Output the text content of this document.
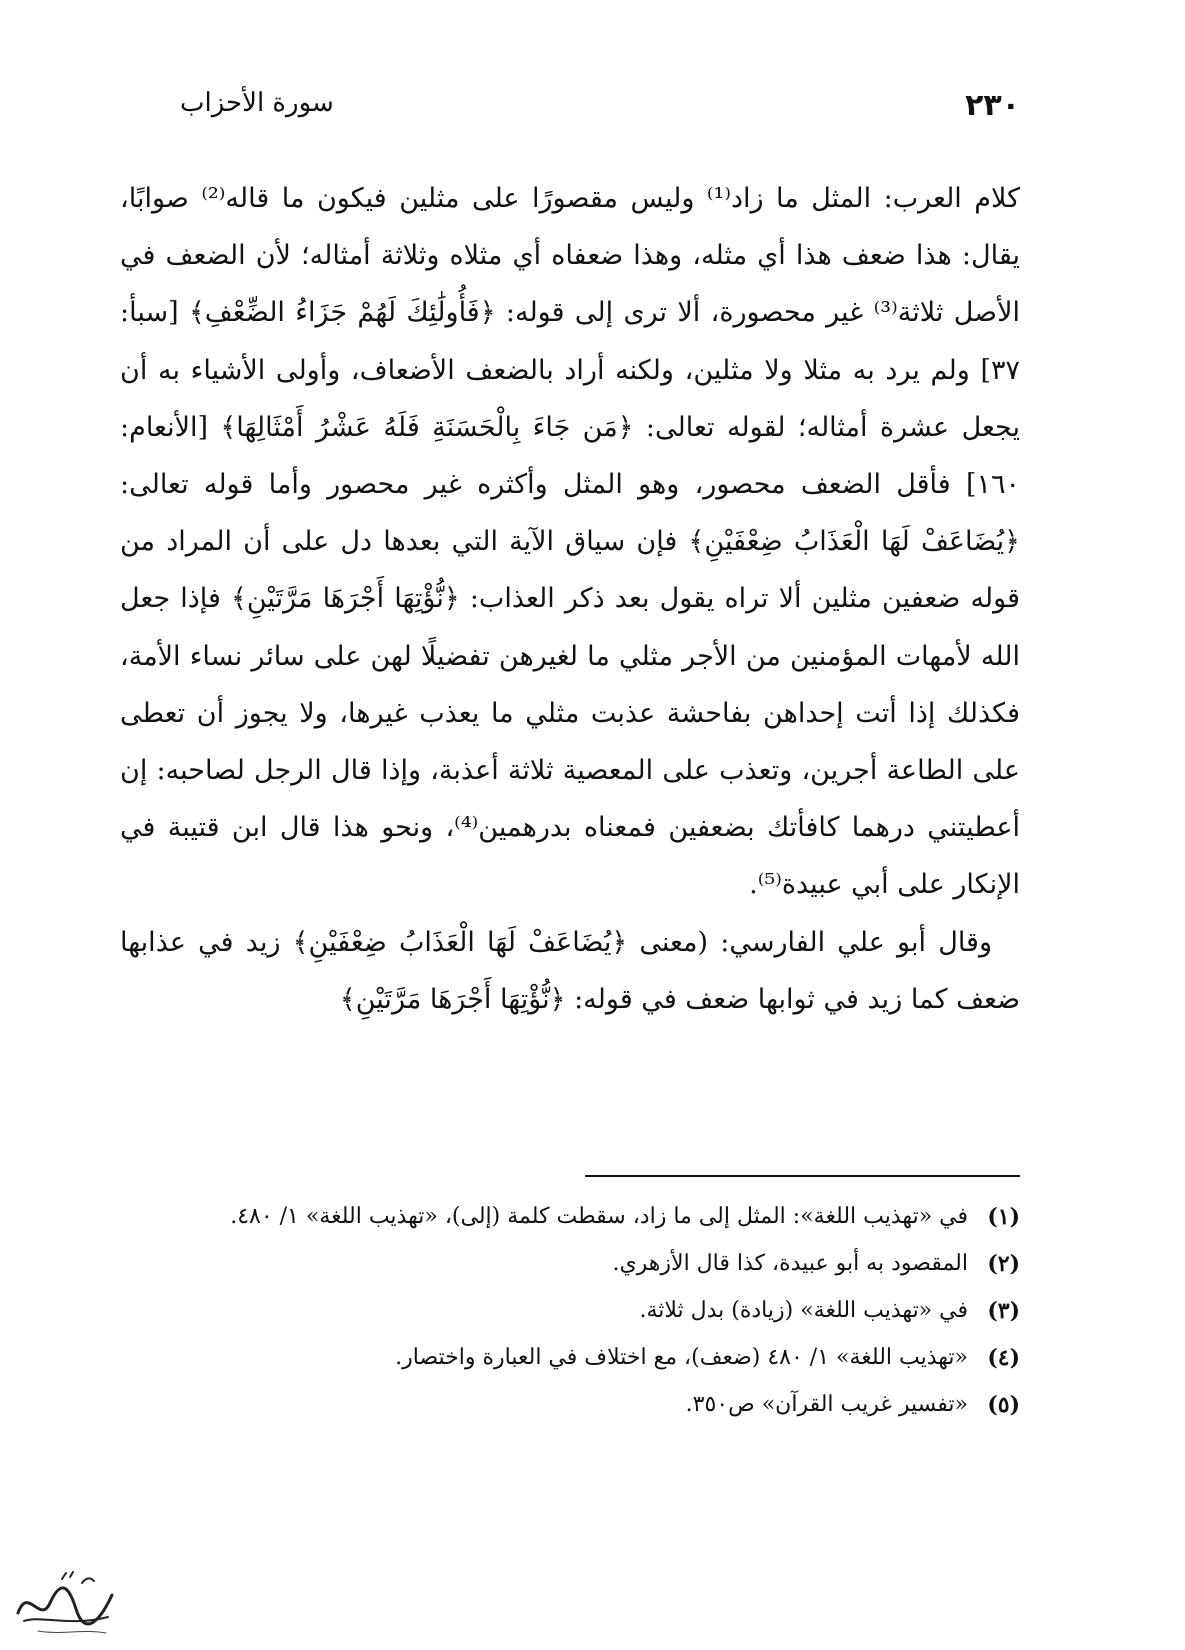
٢٣٠
سورة الأحزاب

كلام العرب: المثل ما زاد⁽¹⁾ وليس مقصورًا على مثلين فيكون ما قاله⁽²⁾ صوابًا، يقال: هذا ضعف هذا أي مثله، وهذا ضعفاه أي مثلاه وثلاثة أمثاله؛ لأن الضعف في الأصل ثلاثة⁽³⁾ غير محصورة، ألا ترى إلى قوله: ﴿فَأُولَٰئِكَ لَهُمْ جَزَاءُ الضِّعْفِ﴾ [سبأ: ٣٧] ولم يرد به مثلا ولا مثلين، ولكنه أراد بالضعف الأضعاف، وأولى الأشياء به أن يجعل عشرة أمثاله؛ لقوله تعالى: ﴿مَن جَاءَ بِالْحَسَنَةِ فَلَهُ عَشْرُ أَمْثَالِهَا﴾ [الأنعام: ١٦٠] فأقل الضعف محصور، وهو المثل وأكثره غير محصور وأما قوله تعالى: ﴿يُضَاعَفْ لَهَا الْعَذَابُ ضِعْفَيْنِ﴾ فإن سياق الآية التي بعدها دل على أن المراد من قوله ضعفين مثلين ألا تراه يقول بعد ذكر العذاب: ﴿نُّؤْتِهَا أَجْرَهَا مَرَّتَيْنِ﴾ فإذا جعل الله لأمهات المؤمنين من الأجر مثلي ما لغيرهن تفضيلًا لهن على سائر نساء الأمة، فكذلك إذا أتت إحداهن بفاحشة عذبت مثلي ما يعذب غيرها، ولا يجوز أن تعطى على الطاعة أجرين، وتعذب على المعصية ثلاثة أعذبة، وإذا قال الرجل لصاحبه: إن أعطيتني درهما كافأتك بضعفين فمعناه بدرهمين⁽⁴⁾، ونحو هذا قال ابن قتيبة في الإنكار على أبي عبيدة⁽⁵⁾.

وقال أبو علي الفارسي: (معنى ﴿يُضَاعَفْ لَهَا الْعَذَابُ ضِعْفَيْنِ﴾ زيد في عذابها ضعف كما زيد في ثوابها ضعف في قوله: ﴿نُّؤْتِهَا أَجْرَهَا مَرَّتَيْنِ﴾

(١)
في «تهذيب اللغة»: المثل إلى ما زاد، سقطت كلمة (إلى)، «تهذيب اللغة» ١/ ٤٨٠.
(٢)
المقصود به أبو عبيدة، كذا قال الأزهري.
(٣)
في «تهذيب اللغة» (زيادة) بدل ثلاثة.
(٤)
«تهذيب اللغة» ١/ ٤٨٠ (ضعف)، مع اختلاف في العبارة واختصار.
(٥)
«تفسير غريب القرآن» ص٣٥٠.
